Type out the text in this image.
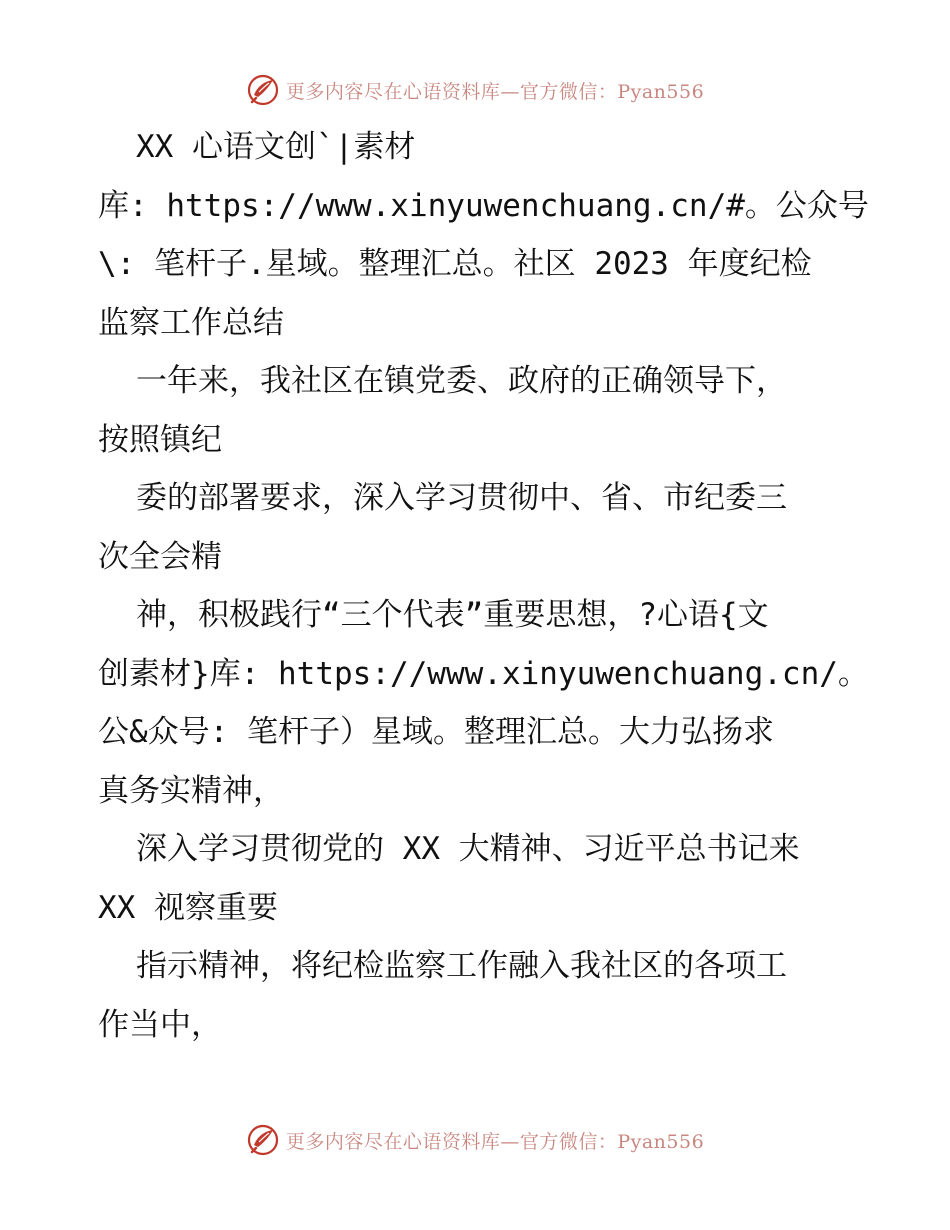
更多内容尽在心语资料库—官方微信：Pyan556
XX 心语文创`|素材
库: https://www.xinyuwenchuang.cn/#。公众号
\: 笔杆子.星域。整理汇总。社区 2023 年度纪检
监察工作总结
一年来，我社区在镇党委、政府的正确领导下，
按照镇纪
委的部署要求，深入学习贯彻中、省、市纪委三
次全会精
神，积极践行“三个代表”重要思想，?心语{文
创素材}库: https://www.xinyuwenchuang.cn/。
公&众号: 笔杆子）星域。整理汇总。大力弘扬求
真务实精神，
深入学习贯彻党的 XX 大精神、习近平总书记来
XX 视察重要
指示精神，将纪检监察工作融入我社区的各项工
作当中，
更多内容尽在心语资料库—官方微信：Pyan556
